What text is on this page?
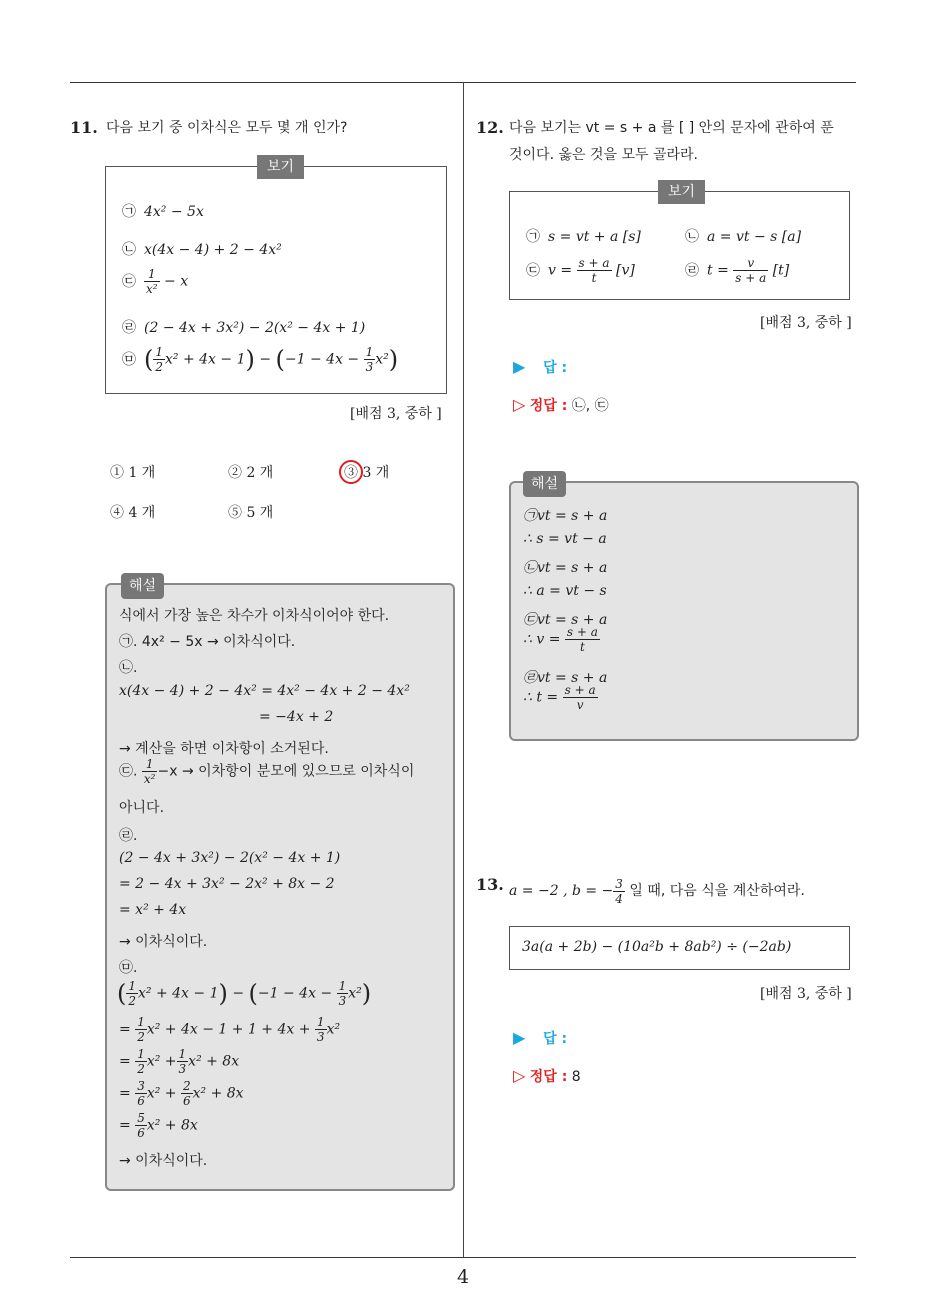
4
11. 다음 보기 중 이차식은 모두 몇 개 인가?
보기
㉠ 4x² − 5x
㉡ x(4x − 4) + 2 − 4x²
㉢ $\frac{1}{\text{x²}} - x$
㉣ (2 − 4x + 3x²) − 2(x² − 4x + 1)
㉤ ( $\frac{1}{2} x^2 + 4x - 1) - (-1 - 4x - \frac{1}{3} x^2)$
[배점 3, 중하 ]
① 1 개	② 2 개	③ 3 개
④ 4 개	⑤ 5 개
해설
식에서 가장 높은 차수가 이차식이어야 한다.
㉠. 4x² − 5x → 이차식이다.
㉡.
x(4x − 4) + 2 − 4x² = 4x² − 4x + 2 − 4x²
= −4x + 2
→ 계산을 하면 이차항이 소거된다.
㉢. $\frac{1}{\text{x²}} -x$ → 이차항이 분모에 있으므로 이차식이
아니다.
㉣.
(2 − 4x + 3x²) − 2(x² − 4x + 1)
= 2 − 4x + 3x² − 2x² + 8x − 2
= x² + 4x
→ 이차식이다.
㉤.
( $\frac{1}{2} x^2 + 4x - 1) - (-1 - 4x - \frac{1}{3} x^2)$
= $\frac{1}{2} x^2 + 4x - 1 + 1 + 4x + \frac{1}{3} x^2$
= $\frac{1}{2} x^2 + \frac{1}{3} x^2 + 8x$
= $\frac{3}{6} x^2 + \frac{2}{6} x^2 + 8x$
= $\frac{5}{6} x^2 + 8x$
→ 이차식이다.
12. 다음 보기는 vt = s + a 를 [ ] 안의 문자에 관하여 푼
것이다. 옳은 것을 모두 골라라.
보기
㉠ s = vt + a [s]	㉡ a = vt − s [a]
㉢ $v = \frac{s + a}{t} [v]$	㉣ $t = \frac{v}{s + a} [t]$
[배점 3, 중하 ]
▶ 답 :
▷ 정답 : ㉡, ㉢
해설
㉠vt = s + a
∴ s = vt − a
㉡vt = s + a
∴ a = vt − s
㉢vt = s + a
∴ $v = \frac{s + a}{t}$
㉣vt = s + a
∴ $t = \frac{s + a}{v}$
13. a = −2 , b = − $\frac{3}{4}$ 일 때, 다음 식을 계산하여라.
3a(a + 2b) − (10a²b + 8ab²) ÷ (−2ab)
[배점 3, 중하 ]
▶ 답 :
▷ 정답 : 8
